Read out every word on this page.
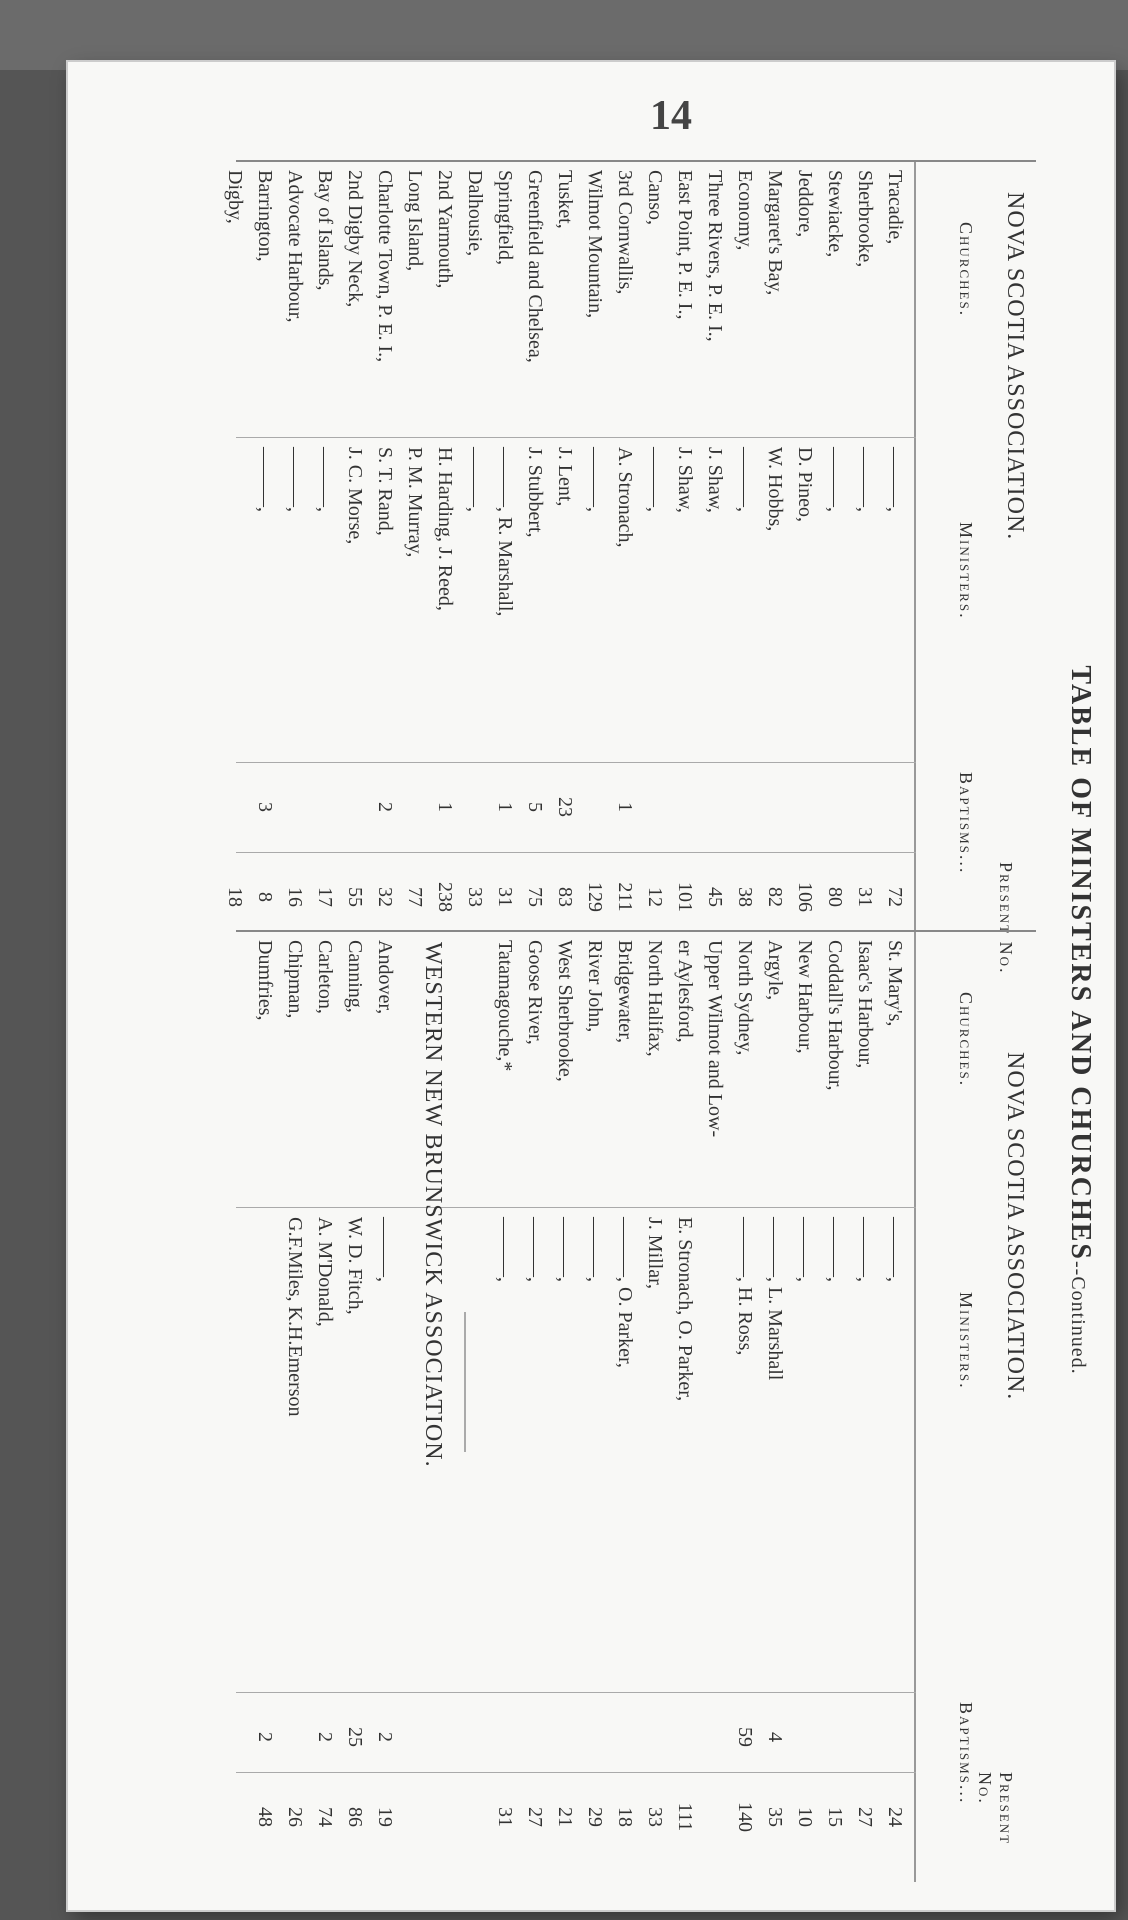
14
TABLE OF MINISTERS AND CHURCHES--Continued.
NOVA SCOTIA ASSOCIATION.
Churches.
Ministers.
Baptisms...
Present No.
Tracadie,
———,
72
Sherbrooke,
———,
31
Stewiacke,
———,
80
Jeddore,
D. Pineo,
106
Margaret's Bay,
W. Hobbs,
82
Economy,
———,
38
Three Rivers, P. E. I.,
J. Shaw,
45
East Point, P. E. I.,
J. Shaw,
101
Canso,
———,
12
3rd Cornwallis,
A. Stronach,
1
211
Wilmot Mountain,
———,
129
Tusket,
J. Lent,
23
83
Greenfield and Chelsea,
J. Stubbert,
5
75
Springfield,
———, R. Marshall,
1
31
Dalhousie,
———,
33
2nd Yarmouth,
H. Harding, J. Reed,
1
238
Long Island,
P. M. Murray,
77
Charlotte Town, P. E. I.,
S. T. Rand,
2
32
2nd Digby Neck,
J. C. Morse,
55
Bay of Islands,
———,
17
Advocate Harbour,
———,
16
Barrington,
———,
3
8
Digby,
18
NOVA SCOTIA ASSOCIATION.
Churches.
Ministers.
Baptisms...
Present No.
St. Mary's,
———,
24
Isaac's Harbour,
———,
27
Coddall's Harbour,
———,
15
New Harbour,
———,
10
Argyle,
———, L. Marshall
4
35
North Sydney,
———, H. Ross,
59
140
Upper Wilmot and Low-
er Aylesford,
E. Stronach, O. Parker,
111
North Halifax,
J. Millar,
33
Bridgewater,
———, O. Parker,
18
River John,
———,
29
West Sherbrooke,
———,
21
Goose River,
———,
27
Tatamagouche,*
———,
31
WESTERN NEW BRUNSWICK ASSOCIATION.
Andover,
———,
2
19
Canning,
W. D. Fitch,
25
86
Carleton,
A. M'Donald,
2
74
Chipman,
G.F.Miles, K.H.Emerson
26
Dumfries,
2
48
